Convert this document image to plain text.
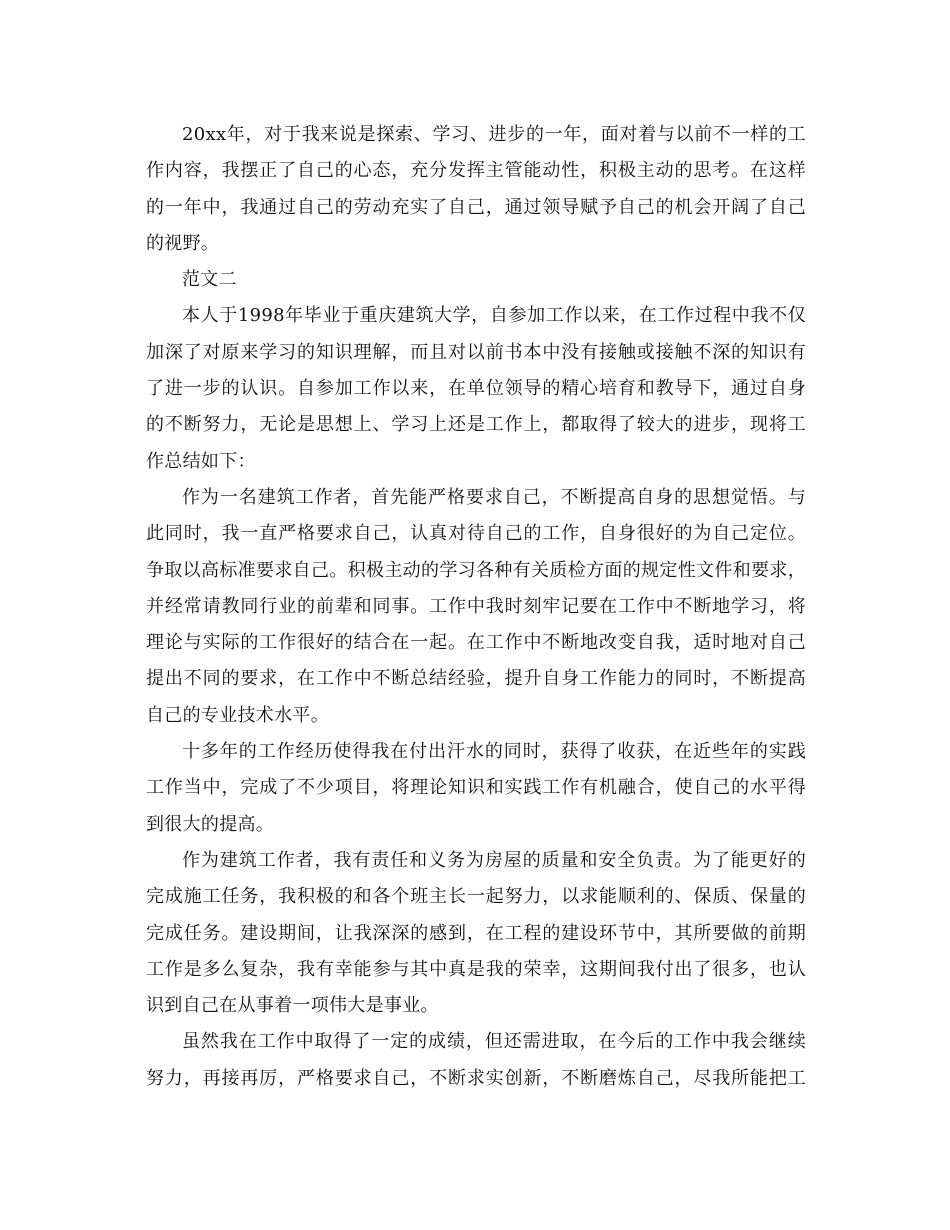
20xx年，对于我来说是探索、学习、进步的一年，面对着与以前不一样的工
作内容，我摆正了自己的心态，充分发挥主管能动性，积极主动的思考。在这样
的一年中，我通过自己的劳动充实了自己，通过领导赋予自己的机会开阔了自己
的视野。
范文二
本人于1998年毕业于重庆建筑大学，自参加工作以来，在工作过程中我不仅
加深了对原来学习的知识理解，而且对以前书本中没有接触或接触不深的知识有
了进一步的认识。自参加工作以来，在单位领导的精心培育和教导下，通过自身
的不断努力，无论是思想上、学习上还是工作上，都取得了较大的进步，现将工
作总结如下：
作为一名建筑工作者，首先能严格要求自己，不断提高自身的思想觉悟。与
此同时，我一直严格要求自己，认真对待自己的工作，自身很好的为自己定位。
争取以高标准要求自己。积极主动的学习各种有关质检方面的规定性文件和要求，
并经常请教同行业的前辈和同事。工作中我时刻牢记要在工作中不断地学习，将
理论与实际的工作很好的结合在一起。在工作中不断地改变自我，适时地对自己
提出不同的要求，在工作中不断总结经验，提升自身工作能力的同时，不断提高
自己的专业技术水平。
十多年的工作经历使得我在付出汗水的同时，获得了收获，在近些年的实践
工作当中，完成了不少项目，将理论知识和实践工作有机融合，使自己的水平得
到很大的提高。
作为建筑工作者，我有责任和义务为房屋的质量和安全负责。为了能更好的
完成施工任务，我积极的和各个班主长一起努力，以求能顺利的、保质、保量的
完成任务。建设期间，让我深深的感到，在工程的建设环节中，其所要做的前期
工作是多么复杂，我有幸能参与其中真是我的荣幸，这期间我付出了很多，也认
识到自己在从事着一项伟大是事业。
虽然我在工作中取得了一定的成绩，但还需进取，在今后的工作中我会继续
努力，再接再厉，严格要求自己，不断求实创新，不断磨炼自己，尽我所能把工
